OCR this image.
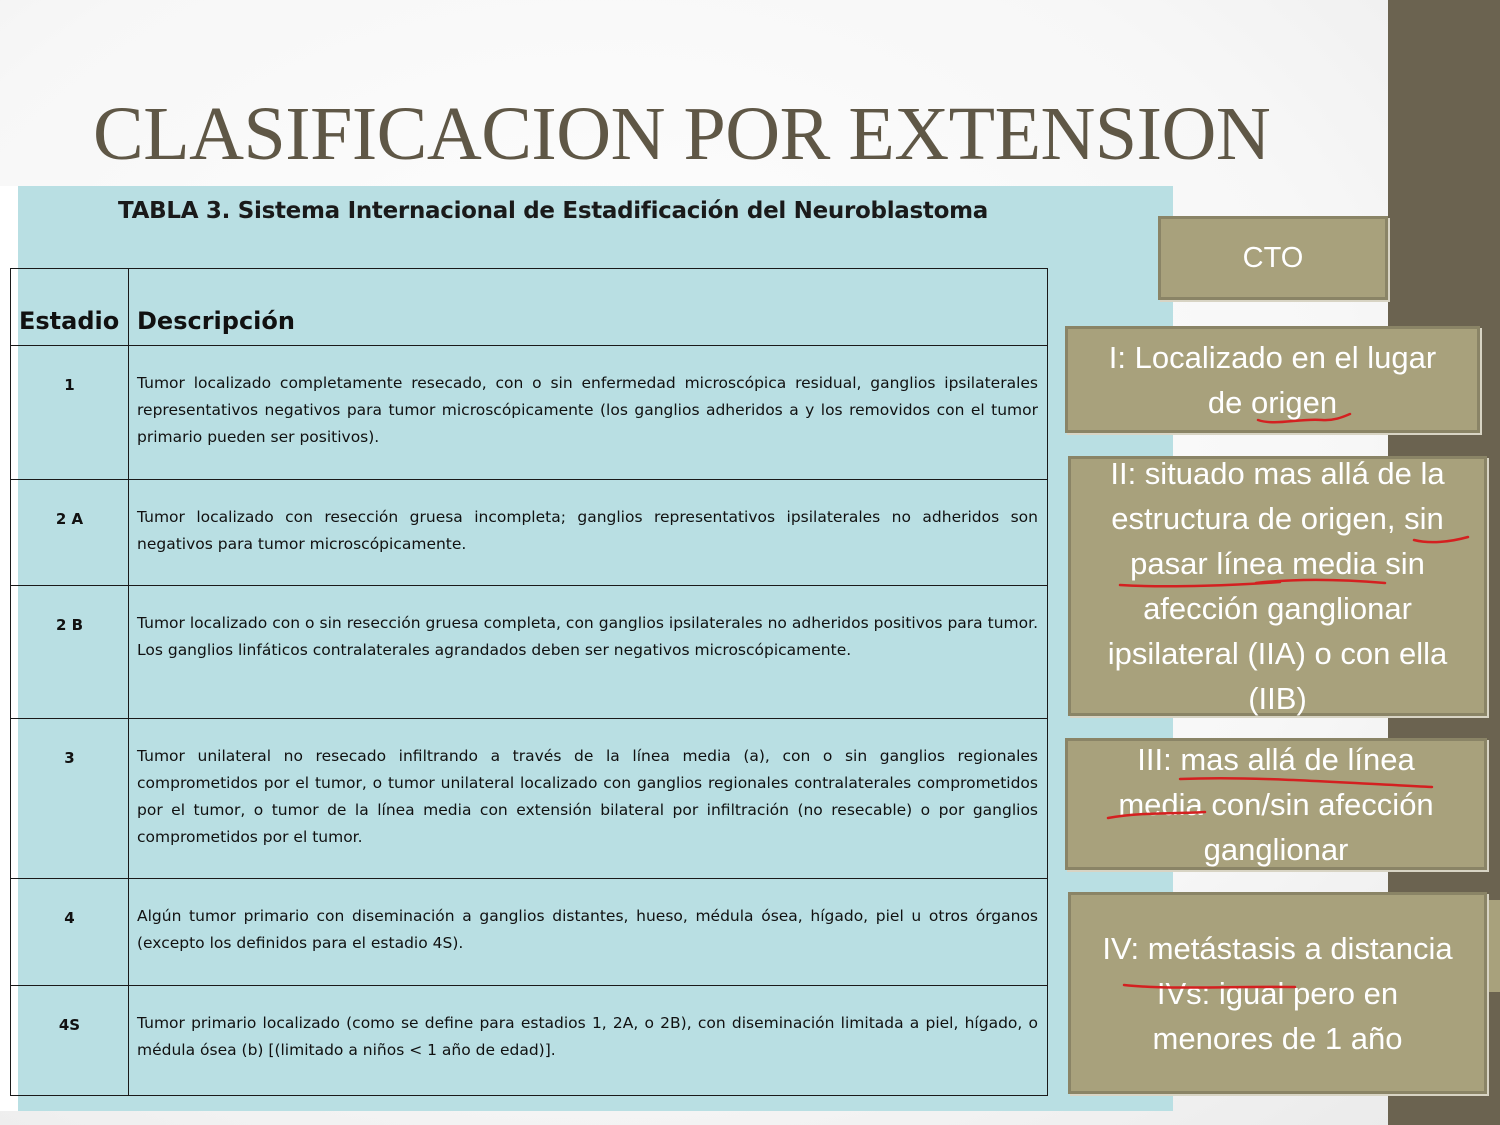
CLASIFICACION POR EXTENSION
TABLA 3. Sistema Internacional de Estadificación del Neuroblastoma
Estadio	Descripción
1	Tumor localizado completamente resecado, con o sin enfermedad microscópica residual, ganglios ipsilaterales representativos negativos para tumor microscópicamente (los ganglios adheridos a y los removidos con el tumor primario pueden ser positivos).
2 A	Tumor localizado con resección gruesa incompleta; ganglios representativos ipsilaterales no adheridos son negativos para tumor microscópicamente.
2 B	Tumor localizado con o sin resección gruesa completa, con ganglios ipsilaterales no adheridos positivos para tumor. Los ganglios linfáticos contralaterales agrandados deben ser negativos microscópicamente.
3	Tumor unilateral no resecado infiltrando a través de la línea media (a), con o sin ganglios regionales comprometidos por el tumor, o tumor unilateral localizado con ganglios regionales contralaterales comprometidos por el tumor, o tumor de la línea media con extensión bilateral por infiltración (no resecable) o por ganglios comprometidos por el tumor.
4	Algún tumor primario con diseminación a ganglios distantes, hueso, médula ósea, hígado, piel u otros órganos (excepto los definidos para el estadio 4S).
4S	Tumor primario localizado (como se define para estadios 1, 2A, o 2B), con diseminación limitada a piel, hígado, o médula ósea (b) [(limitado a niños < 1 año de edad)].
CTO
I: Localizado en el lugar
de origen
II: situado mas allá de la
estructura de origen, sin
pasar línea media sin
afección ganglionar
ipsilateral (IIA) o con ella
(IIB)
III: mas allá de línea
media con/sin afección
ganglionar
IV: metástasis a distancia
IVs: igual pero en
menores de 1 año
